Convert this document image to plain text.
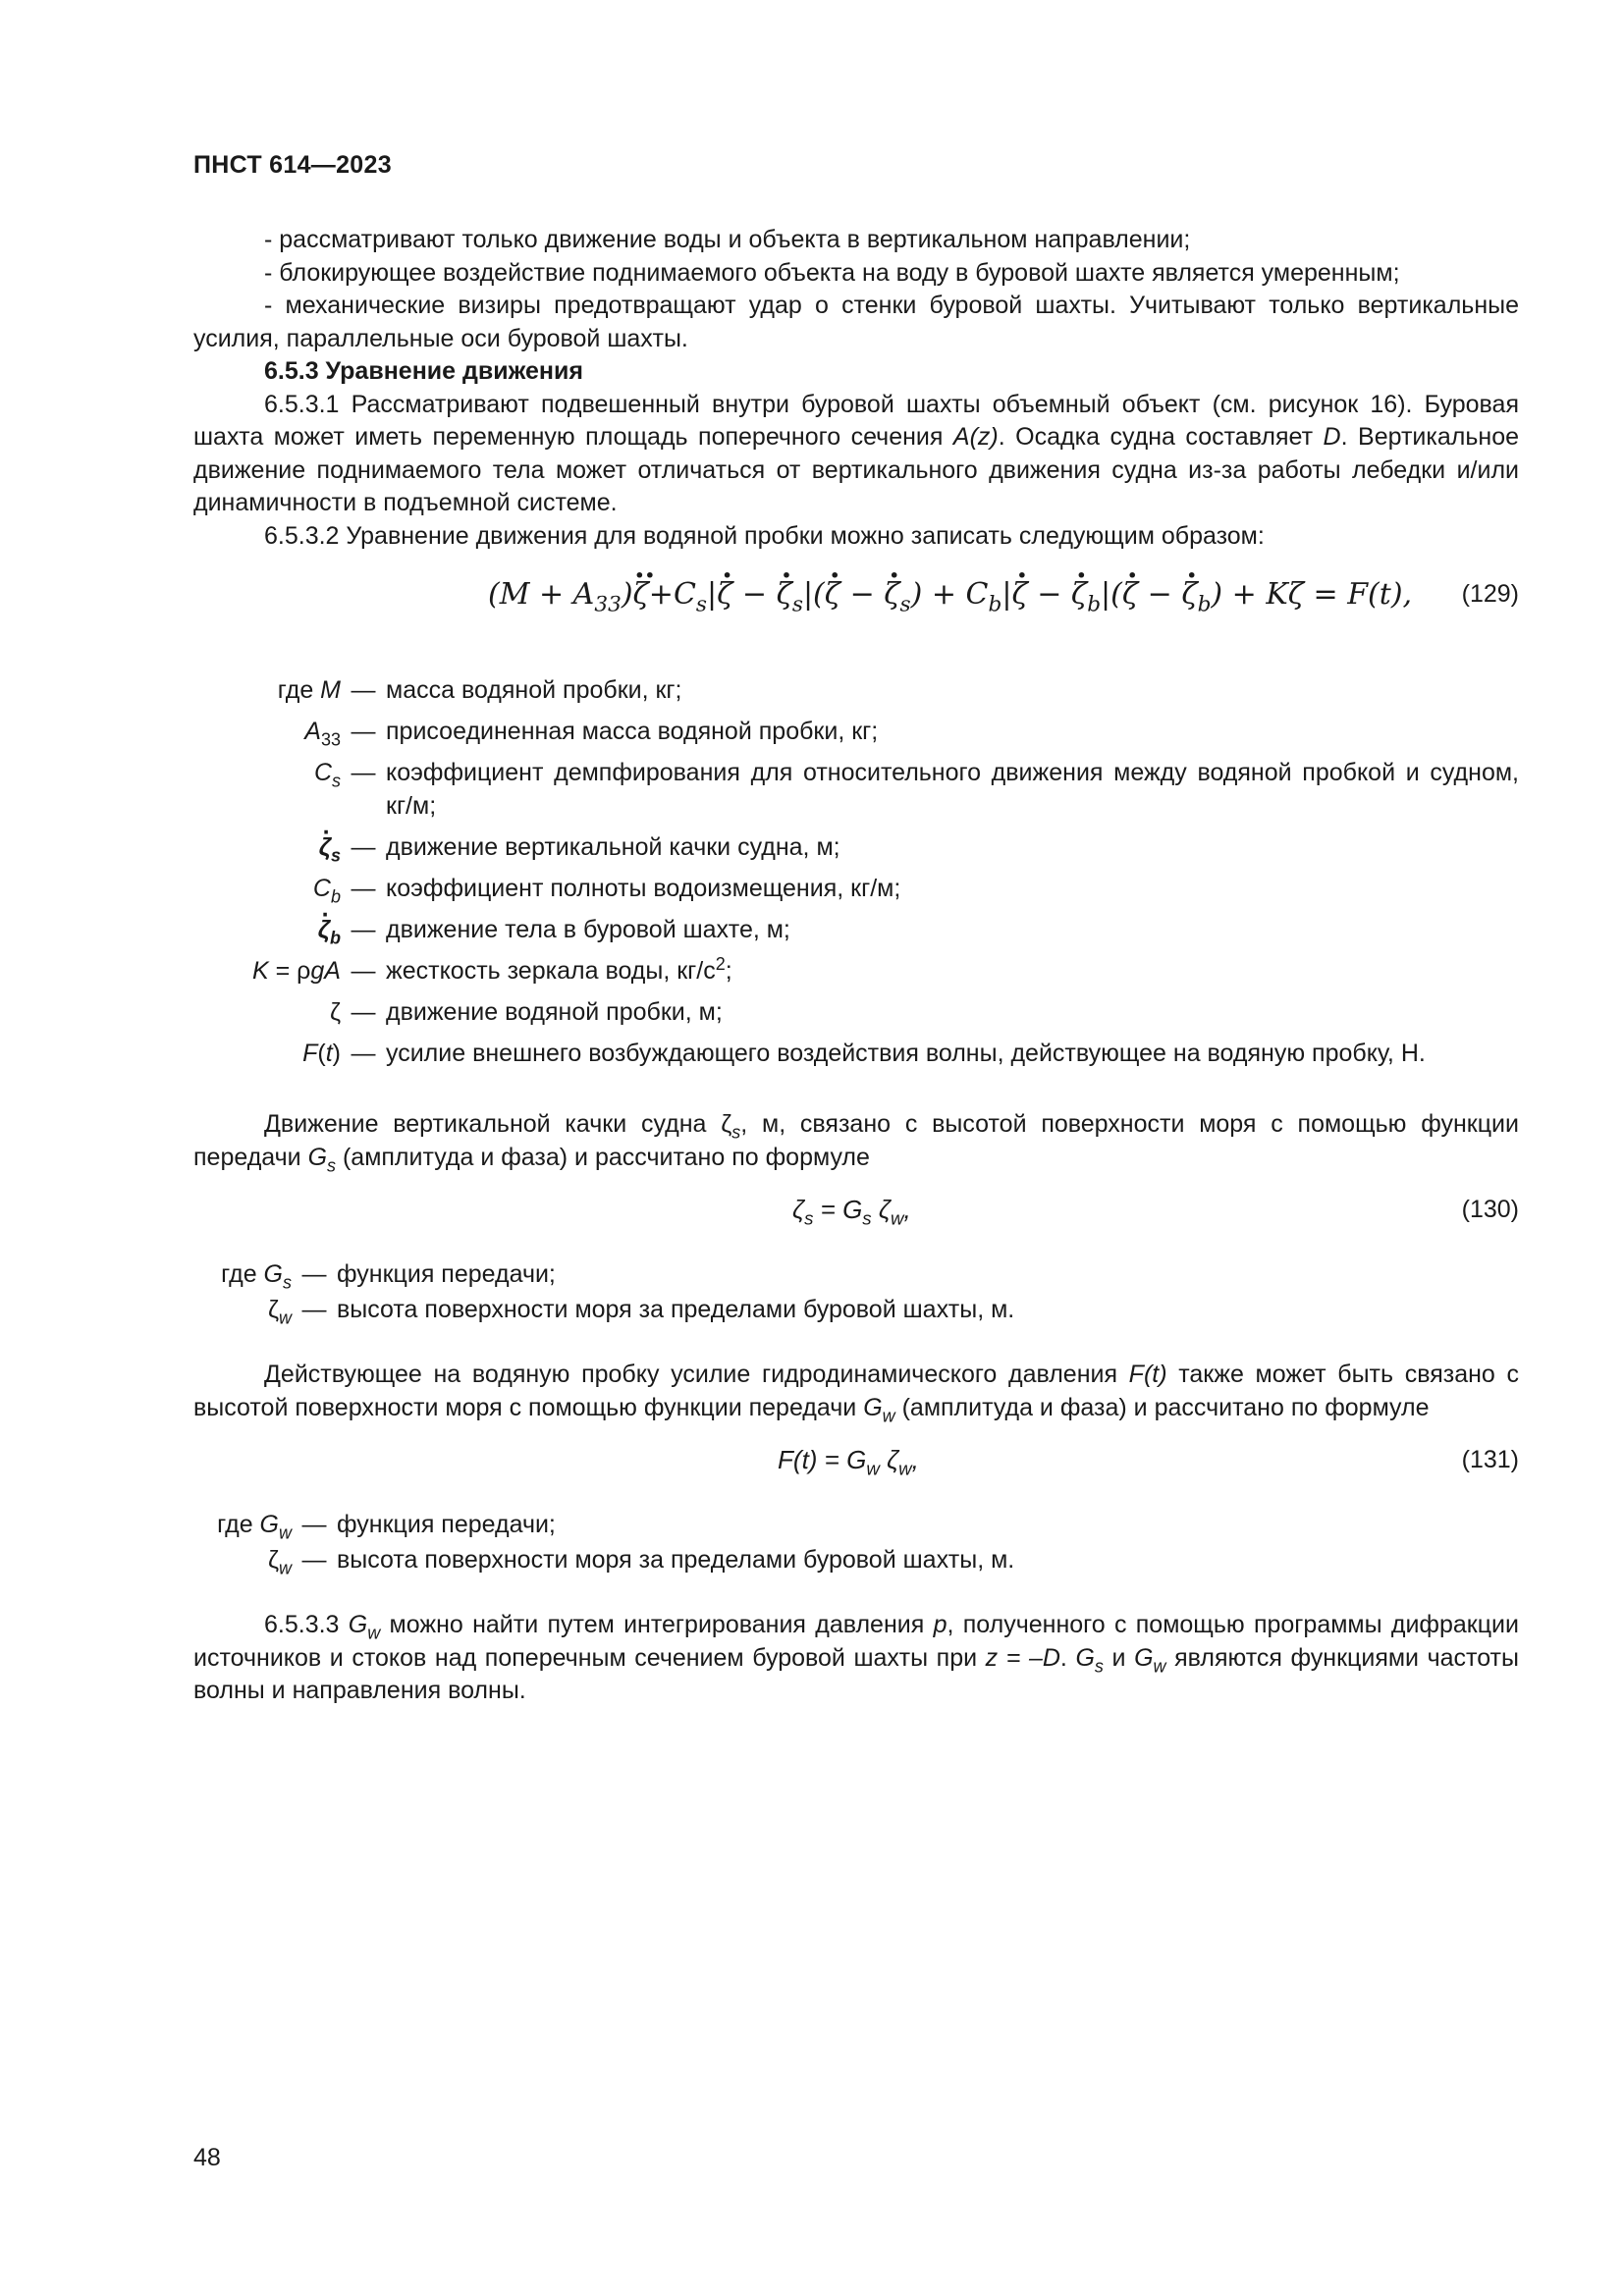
ПНСТ 614—2023

- рассматривают только движение воды и объекта в вертикальном направлении;

- блокирующее воздействие поднимаемого объекта на воду в буровой шахте является умеренным;

- механические визиры предотвращают удар о стенки буровой шахты. Учитывают только вертикальные усилия, параллельные оси буровой шахты.

6.5.3 Уравнение движения

6.5.3.1 Рассматривают подвешенный внутри буровой шахты объемный объект (см. рисунок 16). Буровая шахта может иметь переменную площадь поперечного сечения A(z). Осадка судна составляет D. Вертикальное движение поднимаемого тела может отличаться от вертикального движения судна из-за работы лебедки и/или динамичности в подъемной системе.

6.5.3.2 Уравнение движения для водяной пробки можно записать следующим образом:

$(M + A_{33})\cdot\cdot \zeta+C_s|\cdot \zeta$ − · $\zeta_s|(\cdot \zeta$ − · $\zeta_s) + C_b|\cdot \zeta$ − · $\zeta_b|(\cdot \zeta$ − · $\zeta_b) + K\zeta = F(t)$, (129)
где M — масса водяной пробки, кг;
$A_{33}$ — присоединенная масса водяной пробки, кг;
$C_s$ — коэффициент демпфирования для относительного движения между водяной пробкой и судном, кг/м;
· $\zeta_s$ — движение вертикальной качки судна, м;
$C_b$ — коэффициент полноты водоизмещения, кг/м;
· $\zeta_b$ — движение тела в буровой шахте, м;
K = ρgA — жесткость зеркала воды, $кг/с^2$;
ζ — движение водяной пробки, м;
F(t) — усилие внешнего возбуждающего воздействия волны, действующее на водяную пробку, Н.

Движение вертикальной качки судна $\zeta_s$, м, связано с высотой поверхности моря с помощью функции передачи $G_s$ (амплитуда и фаза) и рассчитано по формуле

$\zeta_s = G_s$ $\zeta_w$,	(130)
где $G_s$ — функция передачи;
$\zeta_w$ — высота поверхности моря за пределами буровой шахты, м.

Действующее на водяную пробку усилие гидродинамического давления F(t) также может быть связано с высотой поверхности моря с помощью функции передачи $G_w$ (амплитуда и фаза) и рассчитано по формуле

$F(t) = G_w$ $\zeta_w$,	(131)
где $G_w$ — функция передачи;
$\zeta_w$ — высота поверхности моря за пределами буровой шахты, м.

6.5.3.3 $G_w$ можно найти путем интегрирования давления p, полученного с помощью программы дифракции источников и стоков над поперечным сечением буровой шахты при z = –D. $G_s$ и $G_w$ являются функциями частоты волны и направления волны.

48
